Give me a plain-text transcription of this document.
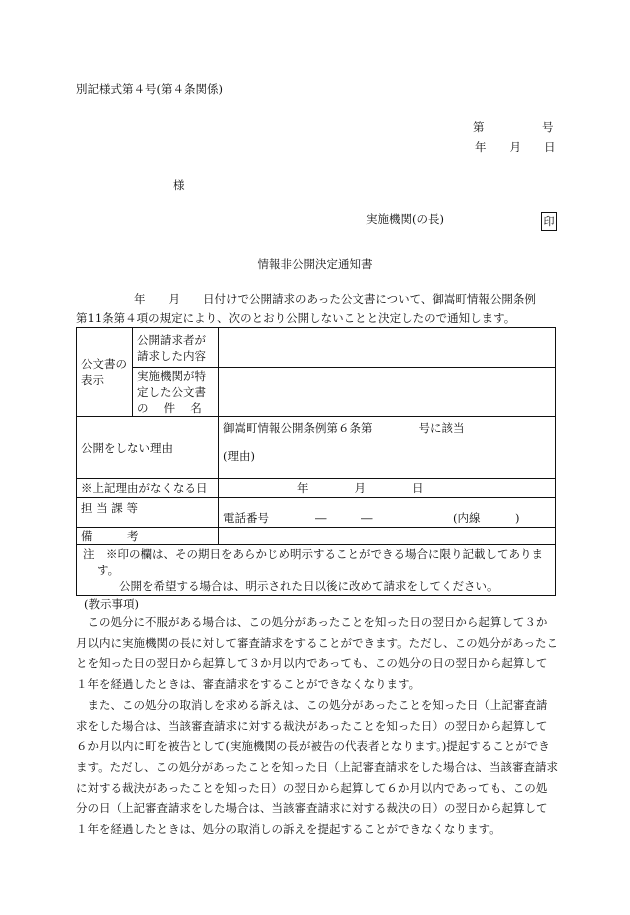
別記様式第４号(第４条関係)
第　　　　　号
年　　月　　日
様
実施機関(の長)	印
情報非公開決定通知書
年　　月　　日付けで公開請求のあった公文書について、御嵩町情報公開条例
第11条第４項の規定により、次のとおり公開しないことと決定したので通知します。
公文書の
表示	公開請求者が
請求した内容	
	実施機関が特
定した公文書
の　 件　 名	
公開をしない理由		御嵩町情報公開条例第６条第　　　　号に該当
(理由)

※上記理由がなくなる日		年　　　　月　　　　日
担 当 課 等		電話番号　　　　―　　　―　　　　　　　(内線　　　)
備　　　考		

注　※印の欄は、その期日をあらかじめ明示することができる場合に限り記載してありま
す。
公開を希望する場合は、明示された日以後に改めて請求をしてください。		
(教示事項)

この処分に不服がある場合は、この処分があったことを知った日の翌日から起算して３か月以内に実施機関の長に対して審査請求をすることができます。ただし、この処分があったことを知った日の翌日から起算して３か月以内であっても、この処分の日の翌日から起算して１年を経過したときは、審査請求をすることができなくなります。

また、この処分の取消しを求める訴えは、この処分があったことを知った日（上記審査請求をした場合は、当該審査請求に対する裁決があったことを知った日）の翌日から起算して６か月以内に町を被告として(実施機関の長が被告の代表者となります。)提起することができます。ただし、この処分があったことを知った日（上記審査請求をした場合は、当該審査請求に対する裁決があったことを知った日）の翌日から起算して６か月以内であっても、この処分の日（上記審査請求をした場合は、当該審査請求に対する裁決の日）の翌日から起算して１年を経過したときは、処分の取消しの訴えを提起することができなくなります。
